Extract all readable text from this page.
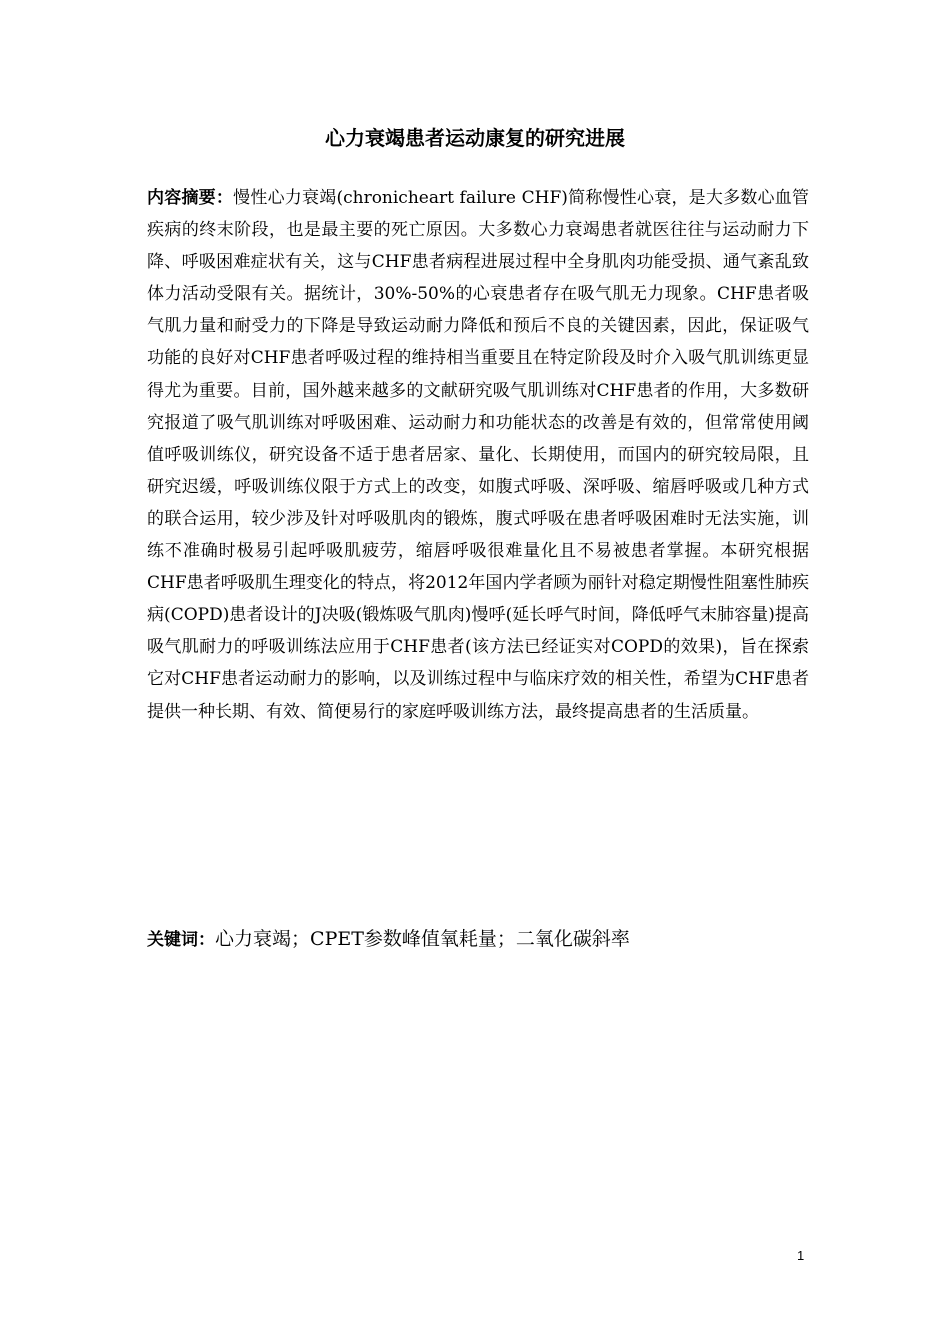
心力衰竭患者运动康复的研究进展
内容摘要：慢性心力衰竭(chronicheart failure CHF)简称慢性心衰，是大多数心血管疾病的终末阶段，也是最主要的死亡原因。大多数心力衰竭患者就医往往与运动耐力下降、呼吸困难症状有关，这与CHF患者病程进展过程中全身肌肉功能受损、通气紊乱致体力活动受限有关。据统计，30%-50%的心衰患者存在吸气肌无力现象。CHF患者吸气肌力量和耐受力的下降是导致运动耐力降低和预后不良的关键因素，因此，保证吸气功能的良好对CHF患者呼吸过程的维持相当重要且在特定阶段及时介入吸气肌训练更显得尤为重要。目前，国外越来越多的文献研究吸气肌训练对CHF患者的作用，大多数研究报道了吸气肌训练对呼吸困难、运动耐力和功能状态的改善是有效的，但常常使用阈值呼吸训练仪，研究设备不适于患者居家、量化、长期使用，而国内的研究较局限，且研究迟缓，呼吸训练仪限于方式上的改变，如腹式呼吸、深呼吸、缩唇呼吸或几种方式的联合运用，较少涉及针对呼吸肌肉的锻炼，腹式呼吸在患者呼吸困难时无法实施，训练不准确时极易引起呼吸肌疲劳，缩唇呼吸很难量化且不易被患者掌握。本研究根据CHF患者呼吸肌生理变化的特点，将2012年国内学者顾为丽针对稳定期慢性阻塞性肺疾病(COPD)患者设计的J决吸(锻炼吸气肌肉)慢呼(延长呼气时间，降低呼气末肺容量)提高吸气肌耐力的呼吸训练法应用于CHF患者(该方法已经证实对COPD的效果)，旨在探索它对CHF患者运动耐力的影响，以及训练过程中与临床疗效的相关性，希望为CHF患者提供一种长期、有效、简便易行的家庭呼吸训练方法，最终提高患者的生活质量。
关键词：心力衰竭；CPET参数峰值氧耗量；二氧化碳斜率
1
